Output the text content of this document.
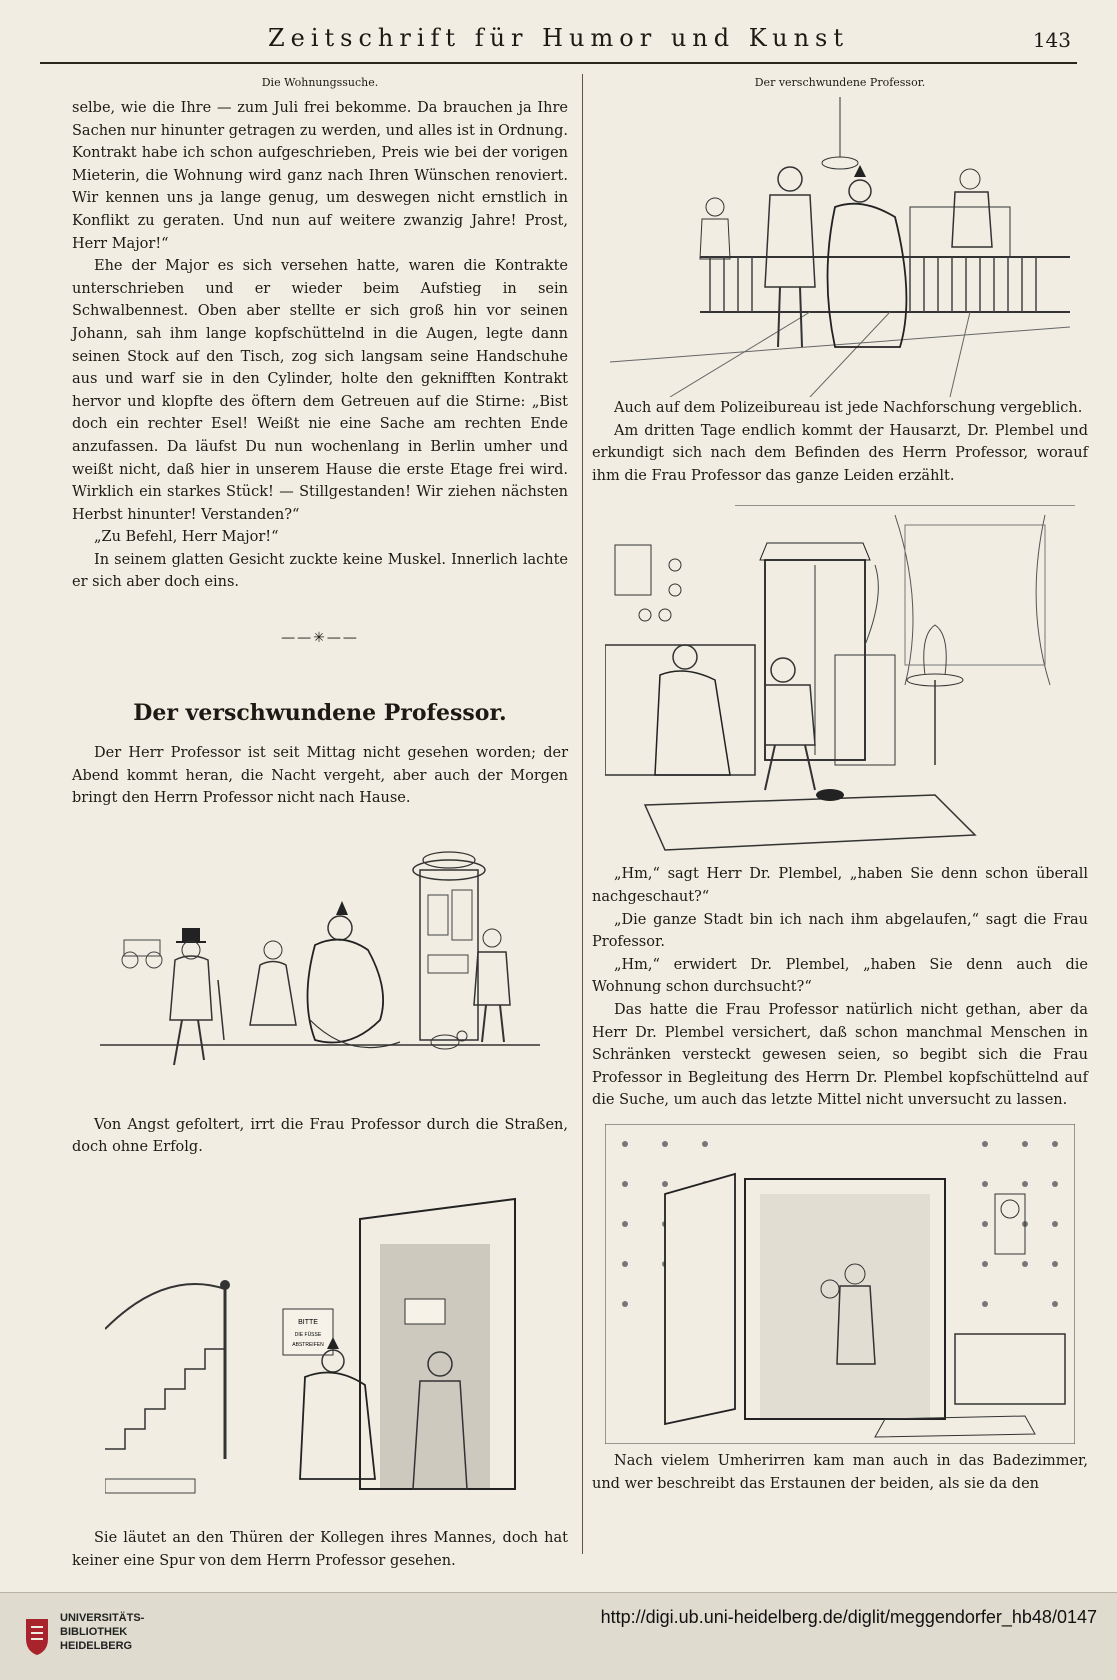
Zeitschrift für Humor und Kunst	143
Die Wohnungssuche.

selbe, wie die Ihre — zum Juli frei bekomme. Da brauchen ja Ihre Sachen nur hinunter getragen zu werden, und alles ist in Ordnung. Kontrakt habe ich schon aufgeschrieben, Preis wie bei der vorigen Mieterin, die Wohnung wird ganz nach Ihren Wünschen renoviert. Wir kennen uns ja lange genug, um deswegen nicht ernstlich in Konflikt zu geraten. Und nun auf weitere zwanzig Jahre! Prost, Herr Major!“

Ehe der Major es sich versehen hatte, waren die Kontrakte unterschrieben und er wieder beim Aufstieg in sein Schwalbennest. Oben aber stellte er sich groß hin vor seinen Johann, sah ihm lange kopfschüttelnd in die Augen, legte dann seinen Stock auf den Tisch, zog sich langsam seine Handschuhe aus und warf sie in den Cylinder, holte den geknifften Kontrakt hervor und klopfte des öftern dem Getreuen auf die Stirne: „Bist doch ein rechter Esel! Weißt nie eine Sache am rechten Ende anzufassen. Da läufst Du nun wochenlang in Berlin umher und weißt nicht, daß hier in unserem Hause die erste Etage frei wird. Wirklich ein starkes Stück! — Stillgestanden! Wir ziehen nächsten Herbst hinunter! Verstanden?“

„Zu Befehl, Herr Major!“

In seinem glatten Gesicht zuckte keine Muskel. Innerlich lachte er sich aber doch eins.

——✳——
Der verschwundene Professor.

Der Herr Professor ist seit Mittag nicht gesehen worden; der Abend kommt heran, die Nacht vergeht, aber auch der Morgen bringt den Herrn Professor nicht nach Hause.

Von Angst gefoltert, irrt die Frau Professor durch die Straßen, doch ohne Erfolg.

BITTE
DIE FÜSSE
ABSTREIFEN

Sie läutet an den Thüren der Kollegen ihres Mannes, doch hat keiner eine Spur von dem Herrn Professor gesehen.

Der verschwundene Professor.

Auch auf dem Polizeibureau ist jede Nachforschung vergeblich.

Am dritten Tage endlich kommt der Hausarzt, Dr. Plembel und erkundigt sich nach dem Befinden des Herrn Professor, worauf ihm die Frau Professor das ganze Leiden erzählt.

„Hm,“ sagt Herr Dr. Plembel, „haben Sie denn schon überall nachgeschaut?“

„Die ganze Stadt bin ich nach ihm abgelaufen,“ sagt die Frau Professor.

„Hm,“ erwidert Dr. Plembel, „haben Sie denn auch die Wohnung schon durchsucht?“

Das hatte die Frau Professor natürlich nicht gethan, aber da Herr Dr. Plembel versichert, daß schon manchmal Menschen in Schränken versteckt gewesen seien, so begibt sich die Frau Professor in Begleitung des Herrn Dr. Plembel kopfschüttelnd auf die Suche, um auch das letzte Mittel nicht unversucht zu lassen.

Nach vielem Umherirren kam man auch in das Badezimmer, und wer beschreibt das Erstaunen der beiden, als sie da den

UNIVERSITÄTS-
BIBLIOTHEK
HEIDELBERG
http://digi.ub.uni-heidelberg.de/diglit/meggendorfer_hb48/0147
